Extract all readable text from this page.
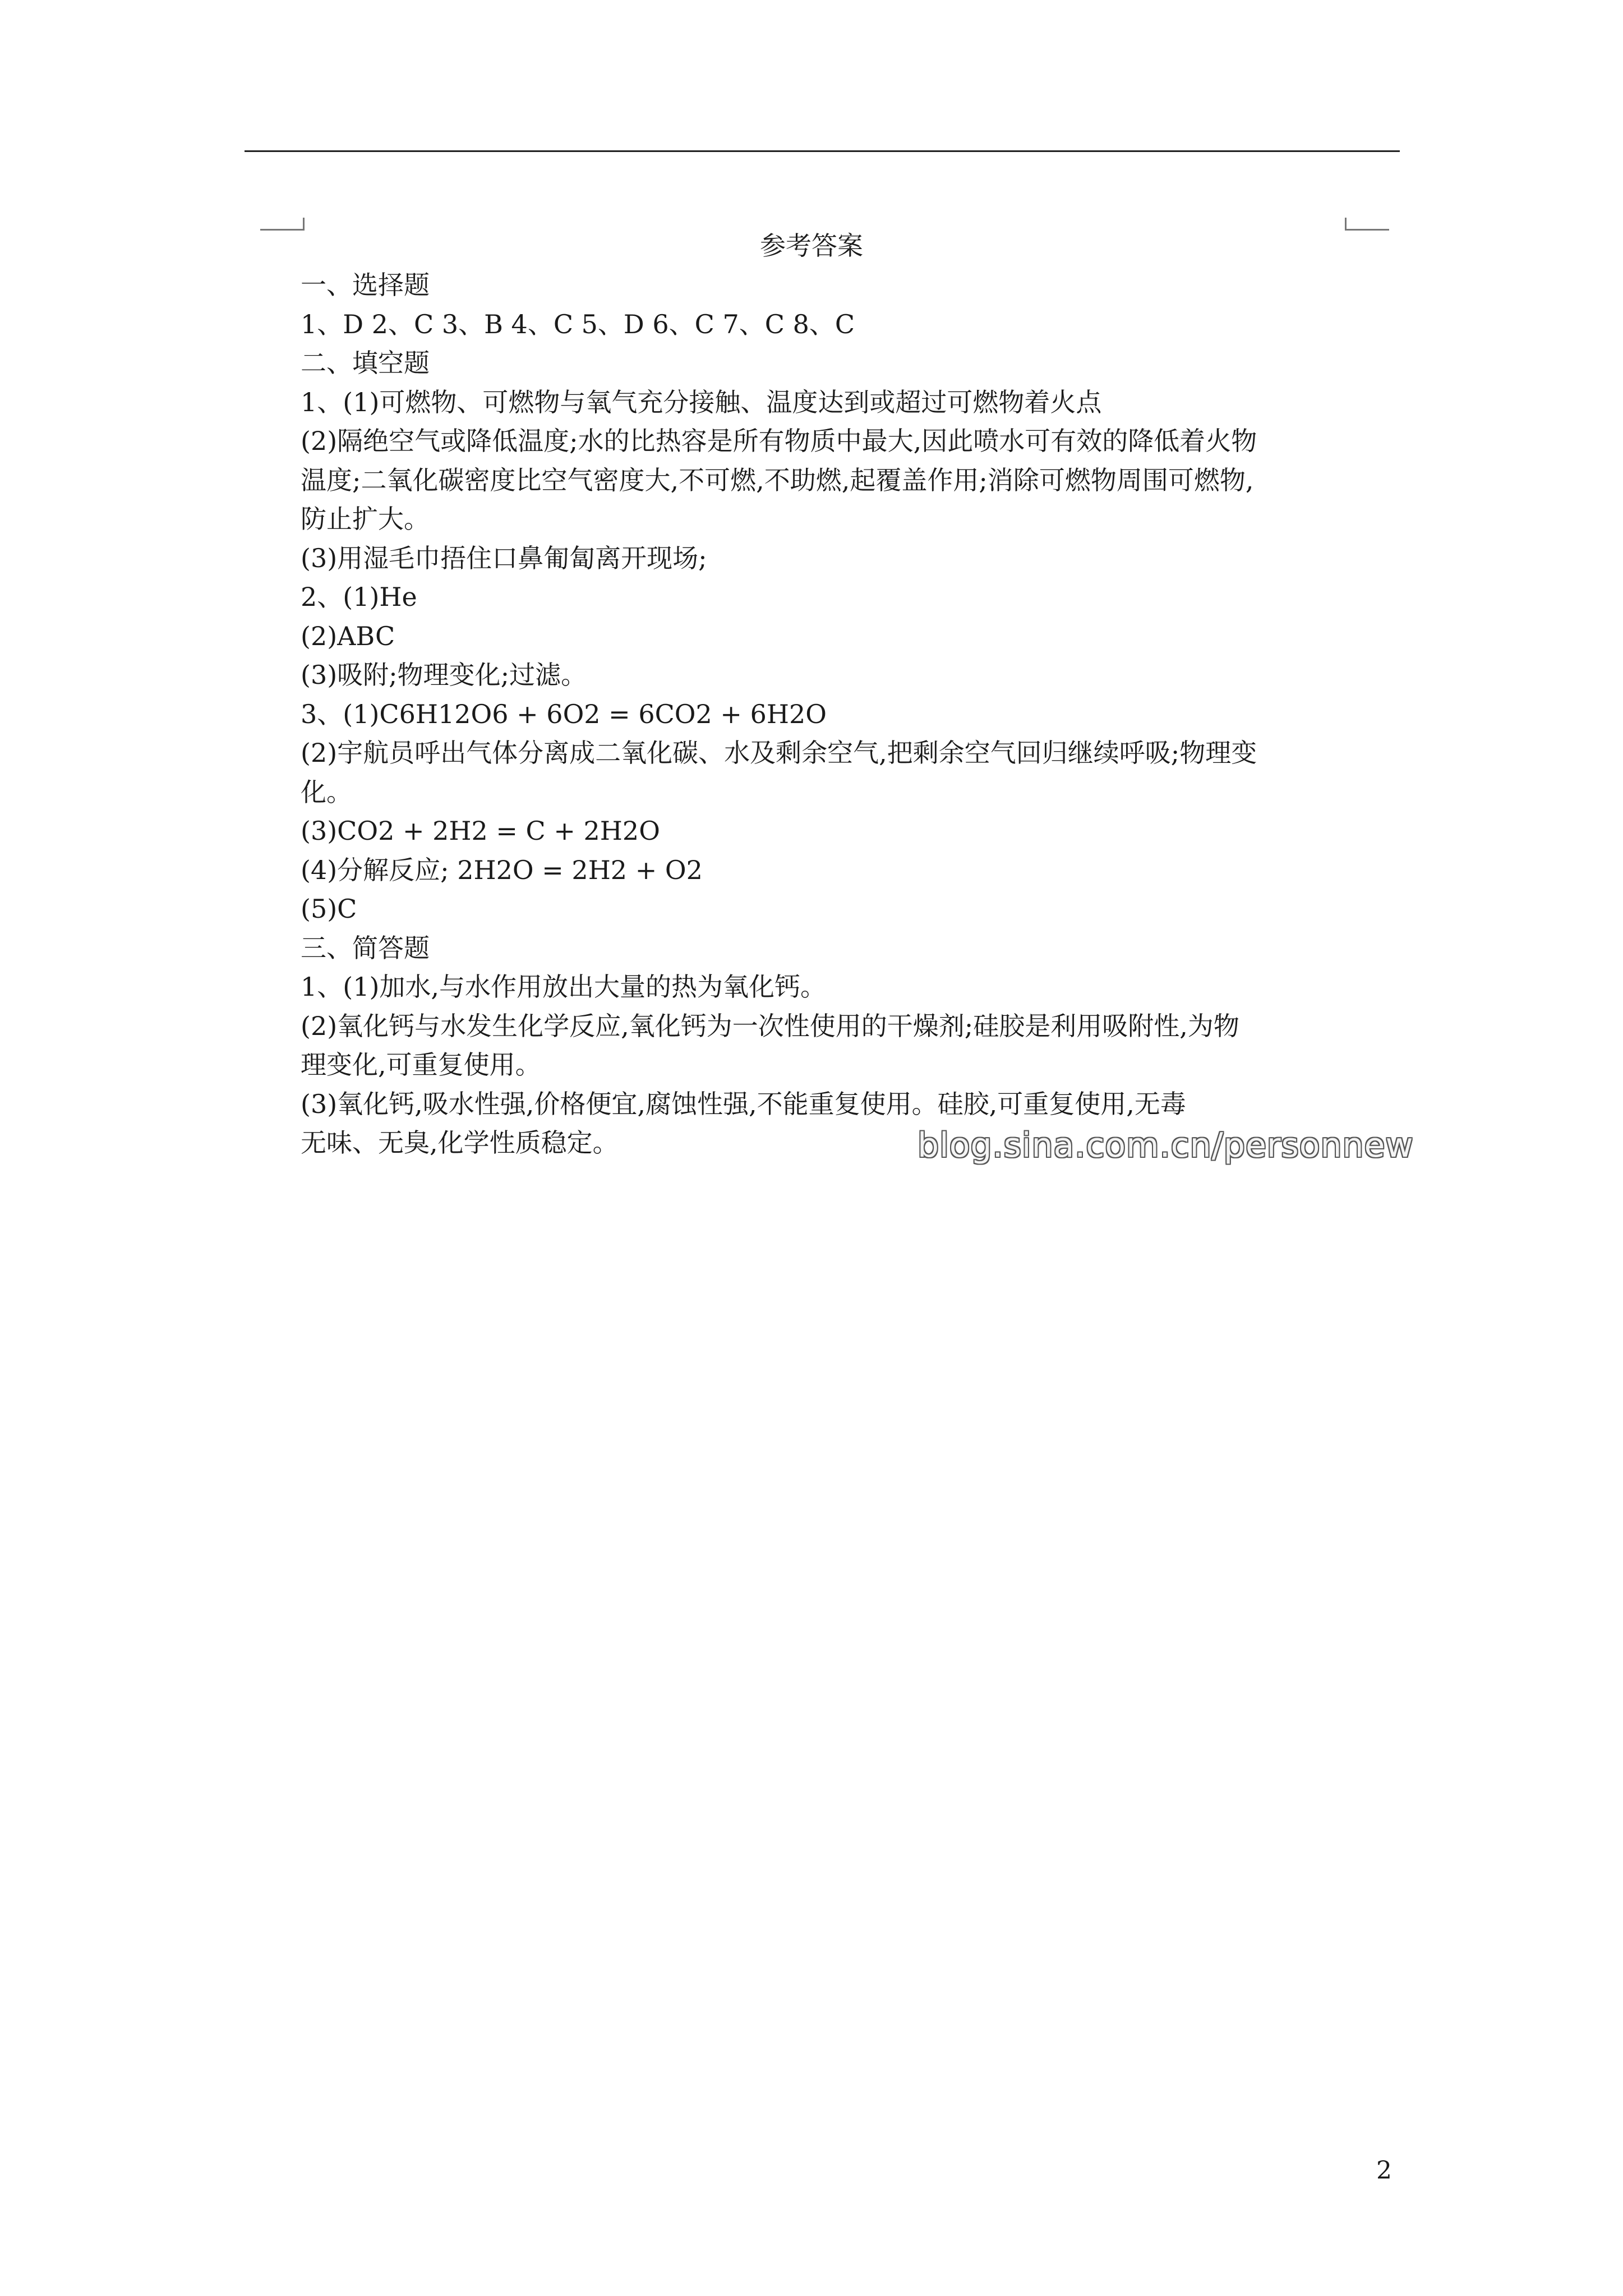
参考答案
一、选择题
1、D 2、C 3、B 4、C 5、D 6、C 7、C 8、C
二、填空题
1、(1)可燃物、可燃物与氧气充分接触、温度达到或超过可燃物着火点
(2)隔绝空气或降低温度;水的比热容是所有物质中最大,因此喷水可有效的降低着火物
温度;二氧化碳密度比空气密度大,不可燃,不助燃,起覆盖作用;消除可燃物周围可燃物,
防止扩大。
(3)用湿毛巾捂住口鼻匍匐离开现场;
2、(1)He
(2)ABC
(3)吸附;物理变化;过滤。
3、(1)C6H12O6 + 6O2 = 6CO2 + 6H2O
(2)宇航员呼出气体分离成二氧化碳、水及剩余空气,把剩余空气回归继续呼吸;物理变
化。
(3)CO2 + 2H2 = C + 2H2O
(4)分解反应; 2H2O = 2H2 + O2
(5)C
三、简答题
1、(1)加水,与水作用放出大量的热为氧化钙。
(2)氧化钙与水发生化学反应,氧化钙为一次性使用的干燥剂;硅胶是利用吸附性,为物
理变化,可重复使用。
(3)氧化钙,吸水性强,价格便宜,腐蚀性强,不能重复使用。硅胶,可重复使用,无毒
无味、无臭,化学性质稳定。	blog.sina.com.cn/personnew
2
